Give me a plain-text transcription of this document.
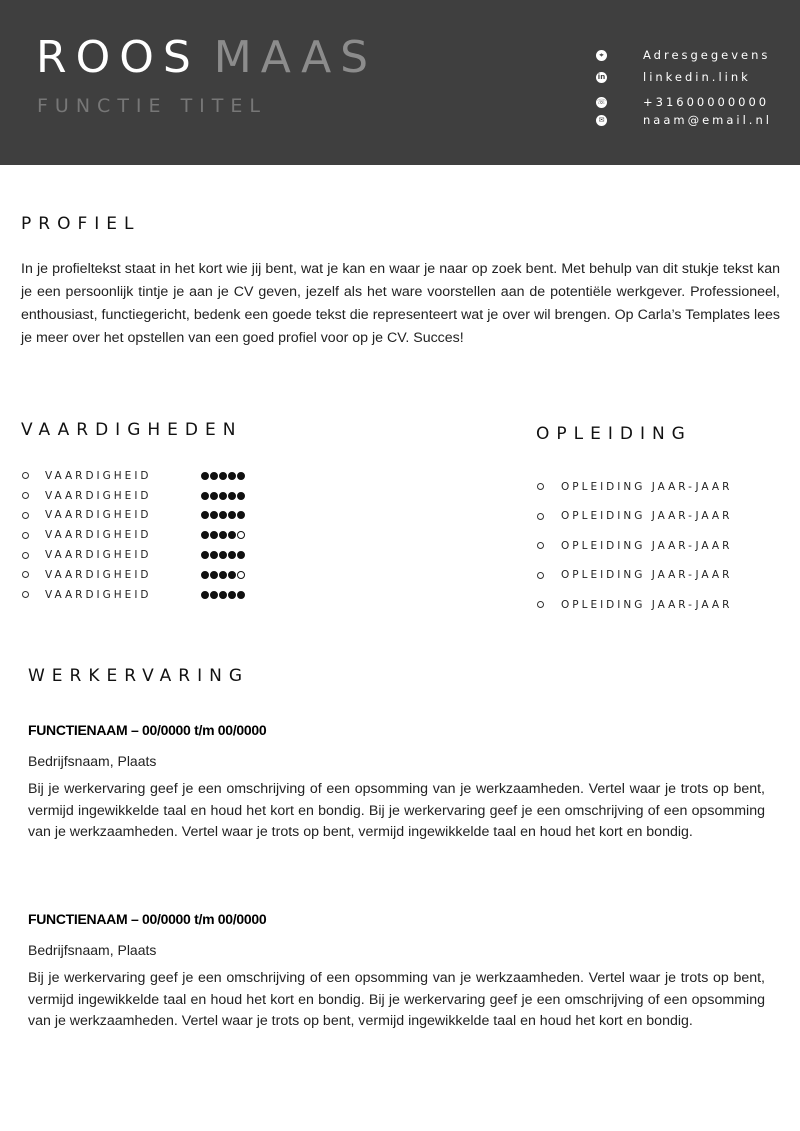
ROOS MAAS
FUNCTIE TITEL
⌖	Adresgegevens
in	linkedin.link
☏	+31600000000
✉	naam@email.nl
PROFIEL
In je profieltekst staat in het kort wie jij bent, wat je kan en waar je naar op zoek bent. Met behulp van dit stukje tekst kan je een persoonlijk tintje je aan je CV geven, jezelf als het ware voorstellen aan de potentiële werkgever. Professioneel, enthousiast, functiegericht, bedenk een goede tekst die representeert wat je over wil brengen. Op Carla’s Templates lees je meer over het opstellen van een goed profiel voor op je CV. Succes!
VAARDIGHEDEN
VAARDIGHEID
VAARDIGHEID
VAARDIGHEID
VAARDIGHEID
VAARDIGHEID
VAARDIGHEID
VAARDIGHEID
OPLEIDING
OPLEIDING JAAR-JAAR
OPLEIDING JAAR-JAAR
OPLEIDING JAAR-JAAR
OPLEIDING JAAR-JAAR
OPLEIDING JAAR-JAAR
WERKERVARING
FUNCTIENAAM – 00/0000 t/m 00/0000
Bedrijfsnaam, Plaats
Bij je werkervaring geef je een omschrijving of een opsomming van je werkzaamheden. Vertel waar je trots op bent, vermijd ingewikkelde taal en houd het kort en bondig. Bij je werkervaring geef je een omschrijving of een opsomming van je werkzaamheden. Vertel waar je trots op bent, vermijd ingewikkelde taal en houd het kort en bondig.
FUNCTIENAAM – 00/0000 t/m 00/0000
Bedrijfsnaam, Plaats
Bij je werkervaring geef je een omschrijving of een opsomming van je werkzaamheden. Vertel waar je trots op bent, vermijd ingewikkelde taal en houd het kort en bondig. Bij je werkervaring geef je een omschrijving of een opsomming van je werkzaamheden. Vertel waar je trots op bent, vermijd ingewikkelde taal en houd het kort en bondig.
